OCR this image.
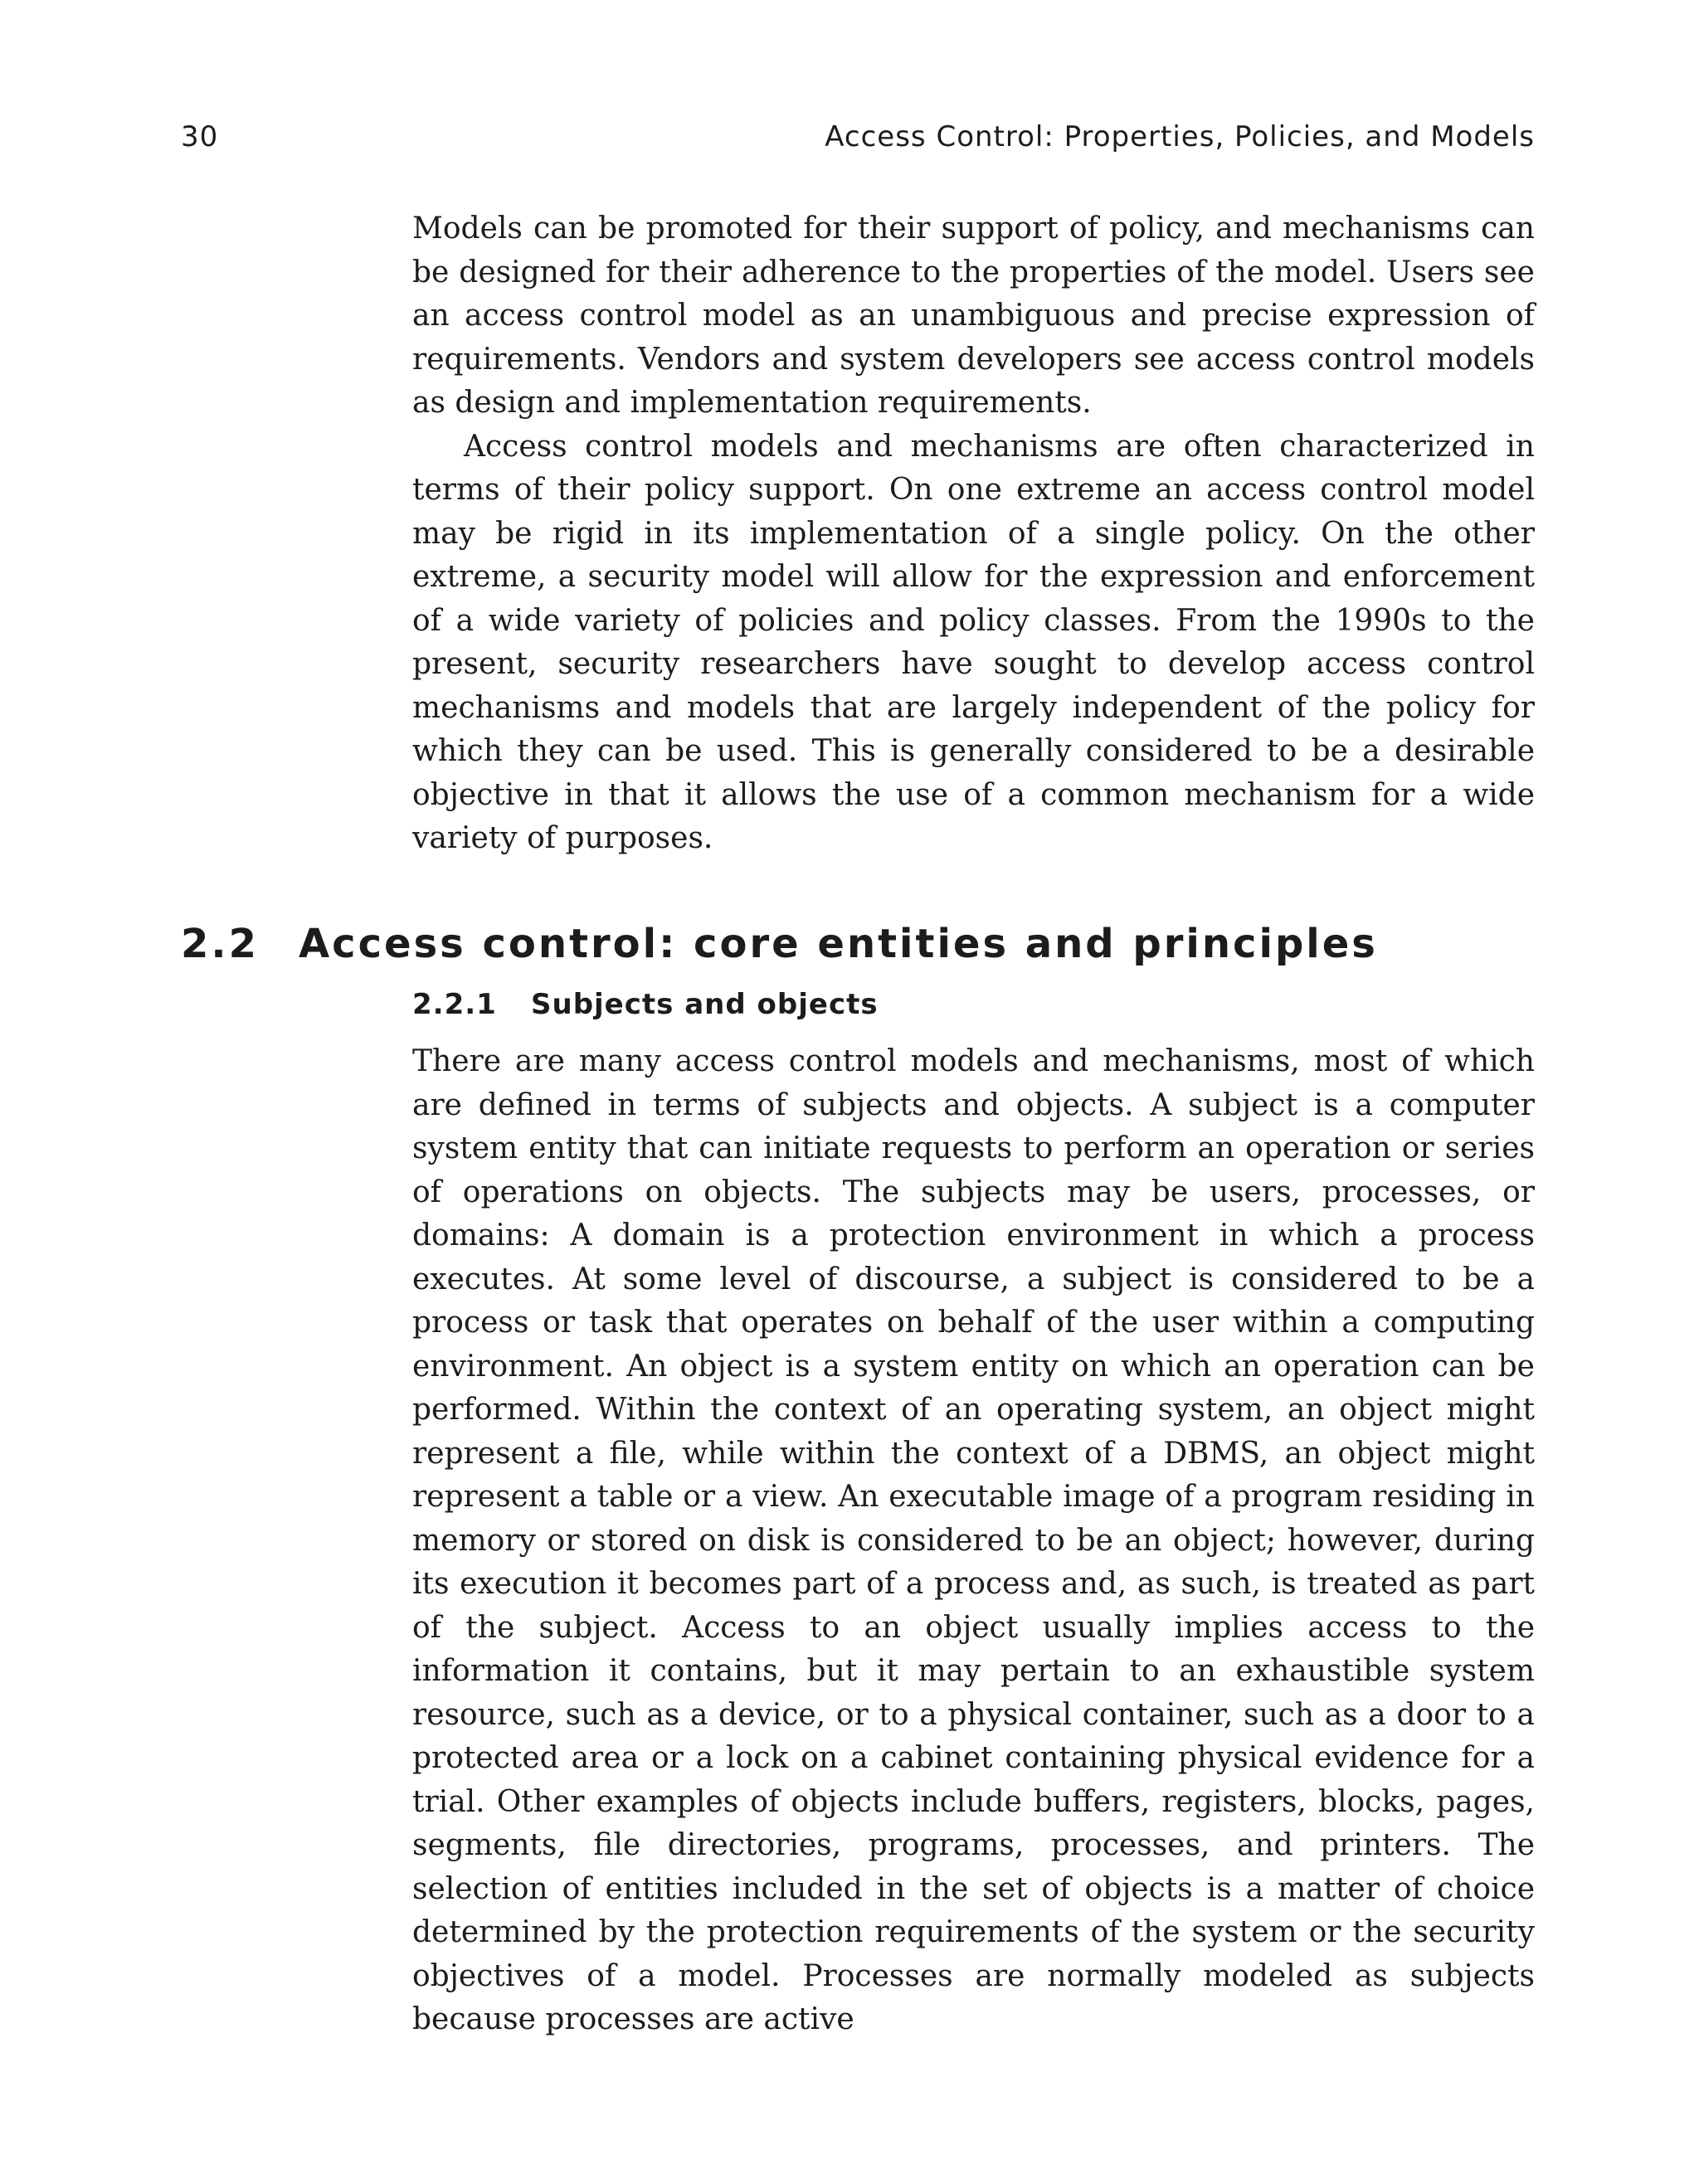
30	Access Control: Properties, Policies, and Models

Models can be promoted for their support of policy, and mechanisms can be designed for their adherence to the properties of the model. Users see an access control model as an unambiguous and precise expression of requirements. Vendors and system developers see access control models as design and implementation requirements.

Access control models and mechanisms are often characterized in terms of their policy support. On one extreme an access control model may be rigid in its implementation of a single policy. On the other extreme, a security model will allow for the expression and enforcement of a wide variety of policies and policy classes. From the 1990s to the present, security researchers have sought to develop access control mechanisms and models that are largely independent of the policy for which they can be used. This is generally considered to be a desirable objective in that it allows the use of a common mechanism for a wide variety of purposes.

2.2 Access control: core entities and principles
2.2.1 Subjects and objects

There are many access control models and mechanisms, most of which are defined in terms of subjects and objects. A subject is a computer system entity that can initiate requests to perform an operation or series of operations on objects. The subjects may be users, processes, or domains: A domain is a protection environment in which a process executes. At some level of discourse, a subject is considered to be a process or task that operates on behalf of the user within a computing environment. An object is a system entity on which an operation can be performed. Within the context of an operating system, an object might represent a file, while within the context of a DBMS, an object might represent a table or a view. An executable image of a program residing in memory or stored on disk is considered to be an object; however, during its execution it becomes part of a process and, as such, is treated as part of the subject. Access to an object usually implies access to the information it contains, but it may pertain to an exhaustible system resource, such as a device, or to a physical container, such as a door to a protected area or a lock on a cabinet containing physical evidence for a trial. Other examples of objects include buffers, registers, blocks, pages, segments, file directories, programs, processes, and printers. The selection of entities included in the set of objects is a matter of choice determined by the protection requirements of the system or the security objectives of a model. Processes are normally modeled as subjects because processes are active
